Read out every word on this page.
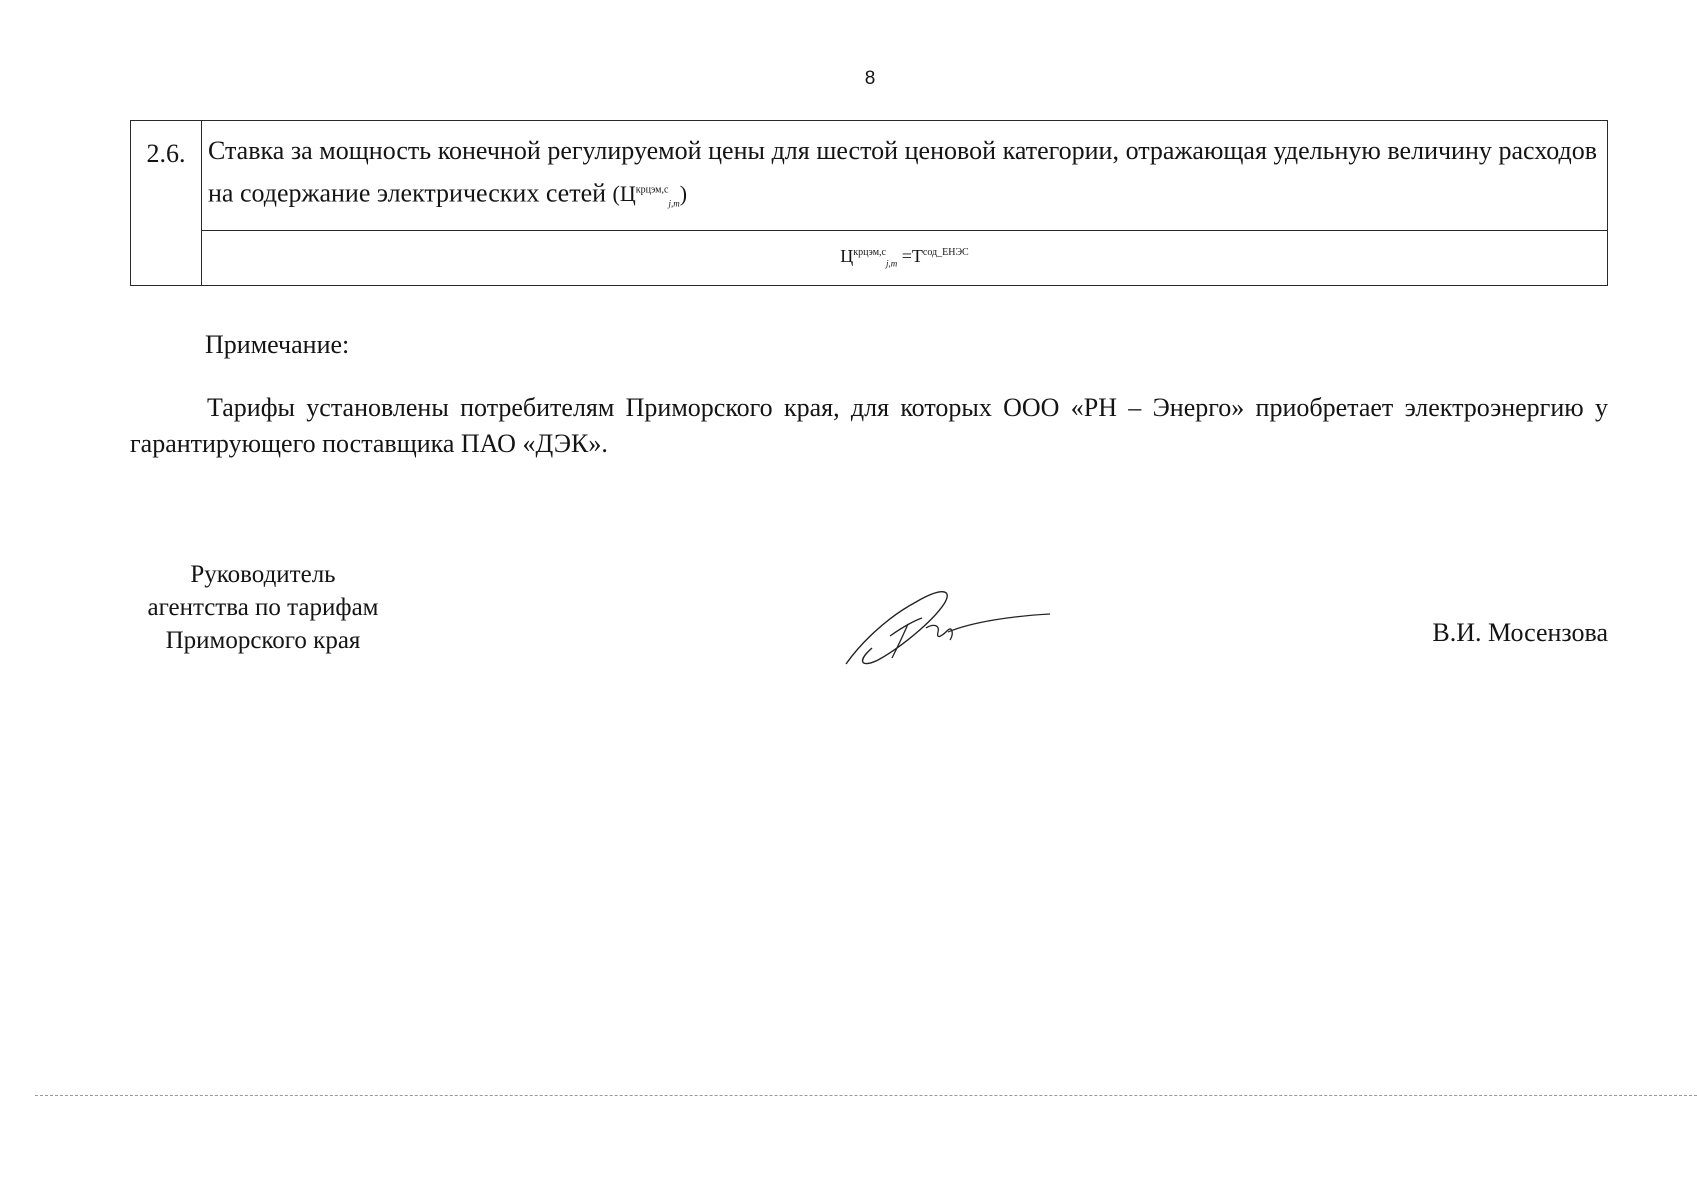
8
2.6.	Ставка за мощность конечной регулируемой цены для шестой ценовой категории, отражающая удельную величину расходов на содержание электрических сетей $(Ц^{крцэм,с}_{j,m})$
$Ц^{крцэм,с}_{j,m} =Т^{сод\_ЕНЭС}$
Примечание:
Тарифы установлены потребителям Приморского края, для которых ООО «РН – Энерго» приобретает электроэнергию у гарантирующего поставщика ПАО «ДЭК».
Руководитель
агентства по тарифам
Приморского края	В.И. Мосензова
